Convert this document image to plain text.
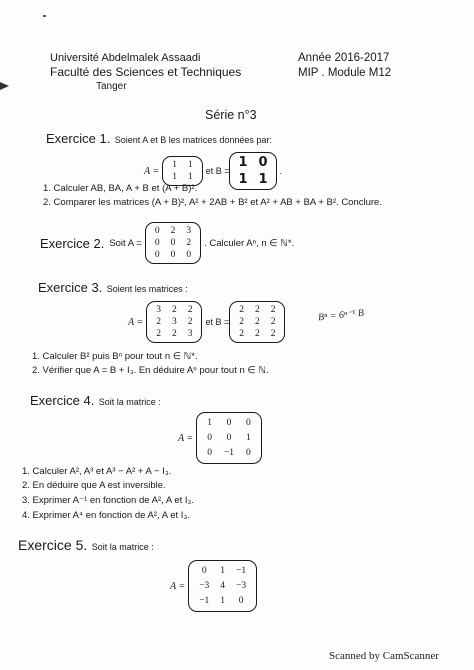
Université Abdelmalek Assaadi
Faculté des Sciences et Techniques
Tanger
Année 2016-2017
MIP . Module M12
Série n°3
Exercice 1. Soient A et B les matrices données par:
A =
1 1
1 1
et B =
1 0
1 1
.
1. Calculer AB, BA, A + B et (A + B)².
2. Comparer les matrices (A + B)², A² + 2AB + B² et A² + AB + BA + B². Conclure.
Exercice 2. Soit A =
0 2 3
0 0 2
0 0 0
. Calculer Aⁿ, n ∈ ℕ*.
Exercice 3. Soient les matrices :
A =
3 2 2
2 3 2
2 2 3
et B =
2 2 2
2 2 2
2 2 2
Bⁿ = 6ⁿ⁻¹ B
1. Calculer B² puis Bⁿ pour tout n ∈ ℕ*.
2. Vérifier que A = B + I₃. En déduire Aⁿ pour tout n ∈ ℕ.
Exercice 4. Soit la matrice :
A =
1 0 0
0 0 1
0 −1 0
1. Calculer A², A³ et A³ − A² + A − I₃.
2. En déduire que A est inversible.
3. Exprimer A⁻¹ en fonction de A², A et I₃.
4. Exprimer A⁴ en fonction de A², A et I₃.
Exercice 5. Soit la matrice :
A =
0 1 −1
−3 4 −3
−1 1 0
Scanned by CamScanner
